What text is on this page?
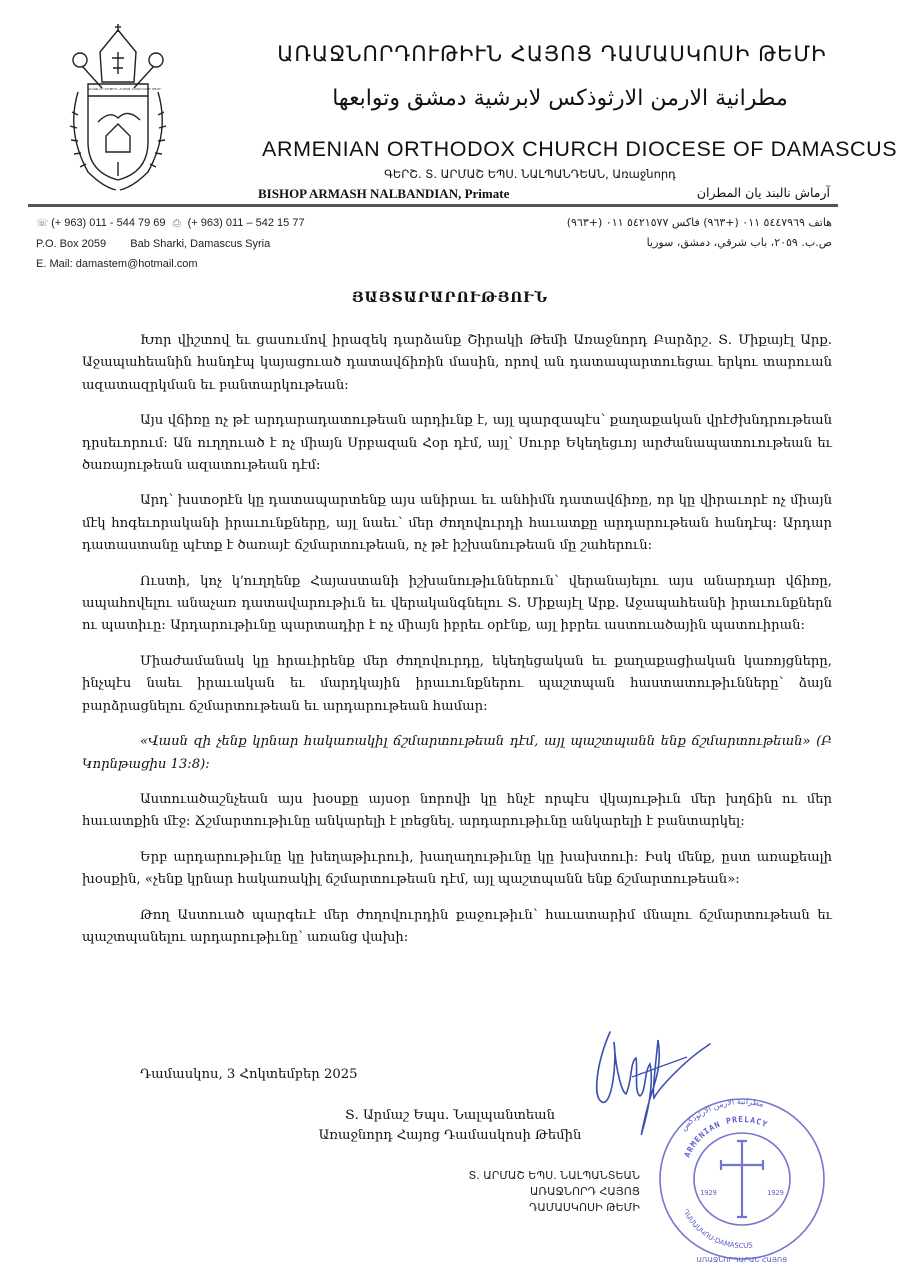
ԱՌԱՋՆՈՐԴՈՒԹԻՒՆ ՀԱՅՈՑ ԴԱՄԱՍԿՈՍԻ ԹԵՄԻ
ԱՌԱՋՆՈՐԴՈՒԹԻՒՆ ՀԱՅՈՑ ԴԱՄԱՍԿՈՍԻ ԹԵՄԻ
مطرانية الارمن الارثوذكس لابرشية دمشق وتوابعها
ARMENIAN ORTHODOX CHURCH DIOCESE OF DAMASCUS
ԳԵՐՇ. Տ. ԱՐՄԱՇ ԵՊՍ. ՆԱԼՊԱՆԴԵԱՆ, Առաջնորդ
BISHOP ARMASH NALBANDIAN, Primate	آرماش نالبند يان المطران
☏ (+ 963) 011 - 544 79 69 ⎙ (+ 963) 011 – 542 15 77
P.O. Box 2059 Bab Sharki, Damascus Syria
E. Mail: damastem@hotmail.com
هاتف ٥٤٤٧٩٦٩ ٠١١ (+٩٦٣) فاكس ٥٤٢١٥٧٧ ٠١١ (+٩٦٣)
ص.ب. ٢٠٥٩، باب شرقي، دمشق، سوريا
ՅԱՅՏԱՐԱՐՈՒԹՅՈՒՆ

Խոր վիշտով եւ ցասումով իրազեկ դարձանք Շիրակի Թեմի Առաջնորդ Բարձրշ. Տ. Միքայէլ Արք. Աջապահեանին հանդէպ կայացուած դատավճիռին մասին, որով ան դատապարտուեցաւ երկու տարուան ազատազրկման եւ բանտարկութեան:

Այս վճիռը ոչ թէ արդարադատութեան արդիւնք է, այլ պարզապէս՝ քաղաքական վրէժխնդրութեան դրսեւորում: Ան ուղղուած է ոչ միայն Սրբազան Հօր դէմ, այլ՝ Սուրբ Եկեղեցւոյ արժանապատուութեան եւ ծառայութեան ազատութեան դէմ:

Արդ՝ խստօրէն կը դատապարտենք այս անիրաւ եւ անհիմն դատավճիռը, որ կը վիրաւորէ ոչ միայն մէկ հոգեւորականի իրաւունքները, այլ նաեւ՝ մեր ժողովուրդի հաւատքը արդարութեան հանդէպ: Արդար դատաստանը պէտք է ծառայէ ճշմարտութեան, ոչ թէ իշխանութեան մը շահերուն:

Ուստի, կոչ կ՚ուղղենք Հայաստանի իշխանութիւններուն՝ վերանայելու այս անարդար վճիռը, ապահովելու անաչառ դատավարութիւն եւ վերականգնելու Տ. Միքայէլ Արք. Աջապահեանի իրաւունքներն ու պատիւը: Արդարութիւնը պարտադիր է ոչ միայն իբրեւ օրէնք, այլ իբրեւ աստուածային պատուիրան:

Միաժամանակ կը հրաւիրենք մեր ժողովուրդը, եկեղեցական եւ քաղաքացիական կառոյցները, ինչպէս նաեւ իրաւական եւ մարդկային իրաւունքներու պաշտպան հաստատութիւնները՝ ձայն բարձրացնելու ճշմարտութեան եւ արդարութեան համար:

«Վասն զի չենք կրնար հակառակիլ ճշմարտութեան դէմ, այլ պաշտպանն ենք ճշմարտութեան» (Բ Կորնթացիս 13:8):

Աստուածաշնչեան այս խօսքը այսօր նորովի կը հնչէ որպէս վկայութիւն մեր խղճին ու մեր հաւատքին մէջ: Ճշմարտութիւնը անկարելի է լռեցնել. արդարութիւնը անկարելի է բանտարկել:

Երբ արդարութիւնը կը խեղաթիւրուի, խաղաղութիւնը կը խախտուի: Իսկ մենք, ըստ առաքեալի խօսքին, «չենք կրնար հակառակիլ ճշմարտութեան դէմ, այլ պաշտպանն ենք ճշմարտութեան»:

Թող Աստուած պարգեւէ մեր ժողովուրդին քաջութիւն՝ հաւատարիմ մնալու ճշմարտութեան եւ պաշտպանելու արդարութիւնը՝ առանց վախի:

Դամասկոս, 3 Հոկտեմբեր 2025
Տ. Արմաշ Եպս. Նալպանտեան
Առաջնորդ Հայոց Դամասկոսի Թեմին
Տ. ԱՐՄԱՇ ԵՊՍ. ՆԱԼՊԱՆՏԵԱՆ
ԱՌԱՋՆՈՐԴ ՀԱՅՈՑ
ԴԱՄԱՍԿՈՍԻ ԹԵՄԻ
مطرانية الارمن الارثوذكس
ARMENIAN PRELACY
ԴԱՄԱՍԿՈՍ-DAMASCUS
ԱՌԱՋՆՈՐԴԱՐԱՆ ՀԱՅՈՑ
1929	1929
